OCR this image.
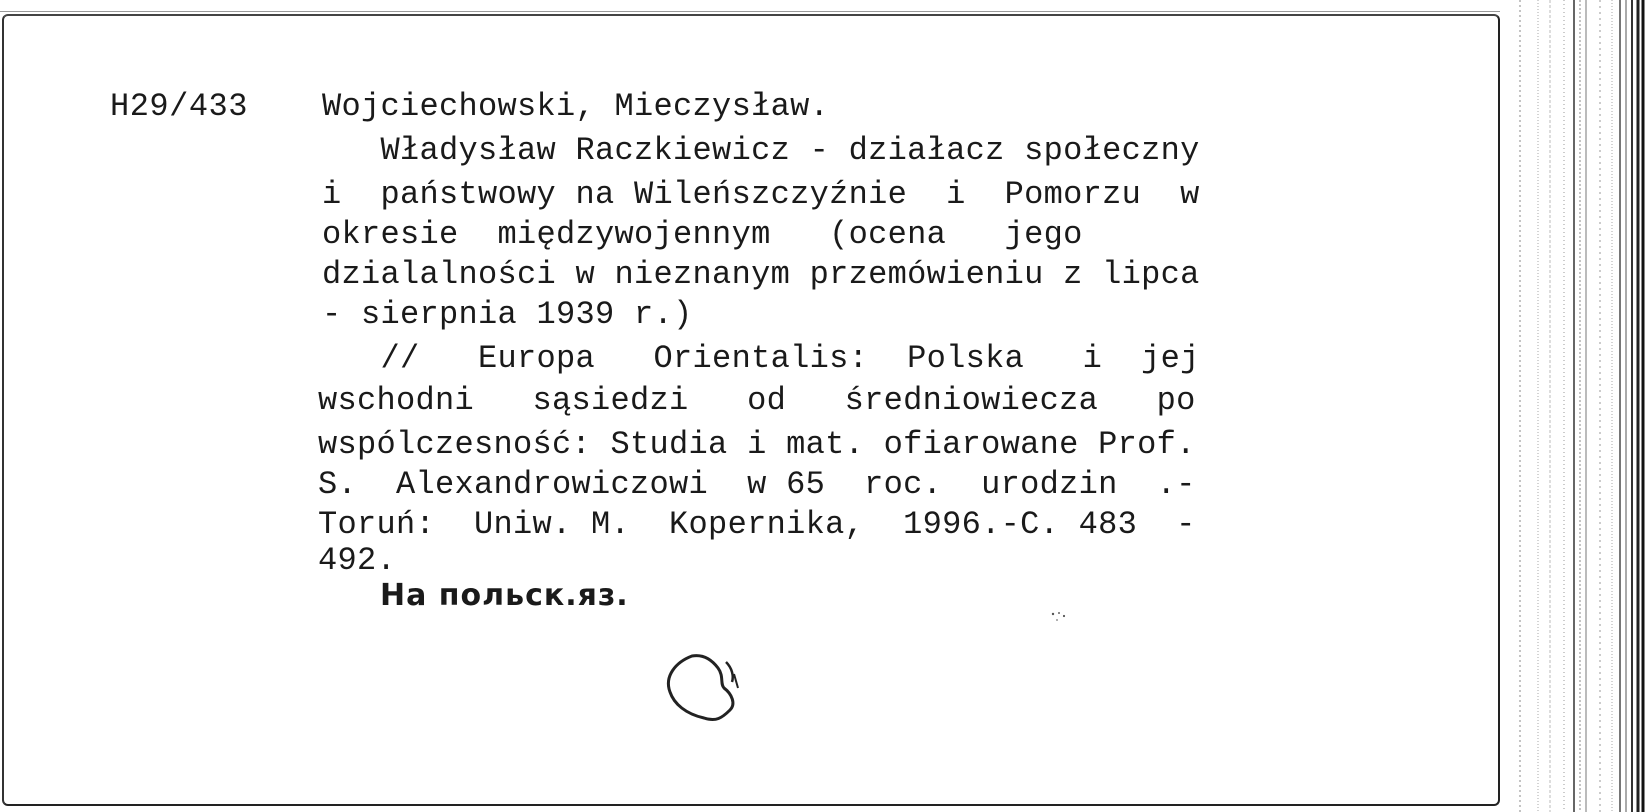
H29/433 Wojciechowski, Mieczysław.
Władysław Raczkiewicz - działacz społeczny
i  państwowy na Wileńszczyźnie  i  Pomorzu  w
okresie  międzywojennym   (ocena   jego
dzialalności w nieznanym przemówieniu z lipca
- sierpnia 1939 r.)
//   Europa   Orientalis:  Polska   i  jej
wschodni   sąsiedzi   od   średniowiecza   po
wspólczesność: Studia i mat. ofiarowane Prof.
S.  Alexandrowiczowi  w 65  roc.  urodzin  .-
Toruń:  Uniw. M.  Kopernika,  1996.-C. 483  -
492.
На польск.яз.
